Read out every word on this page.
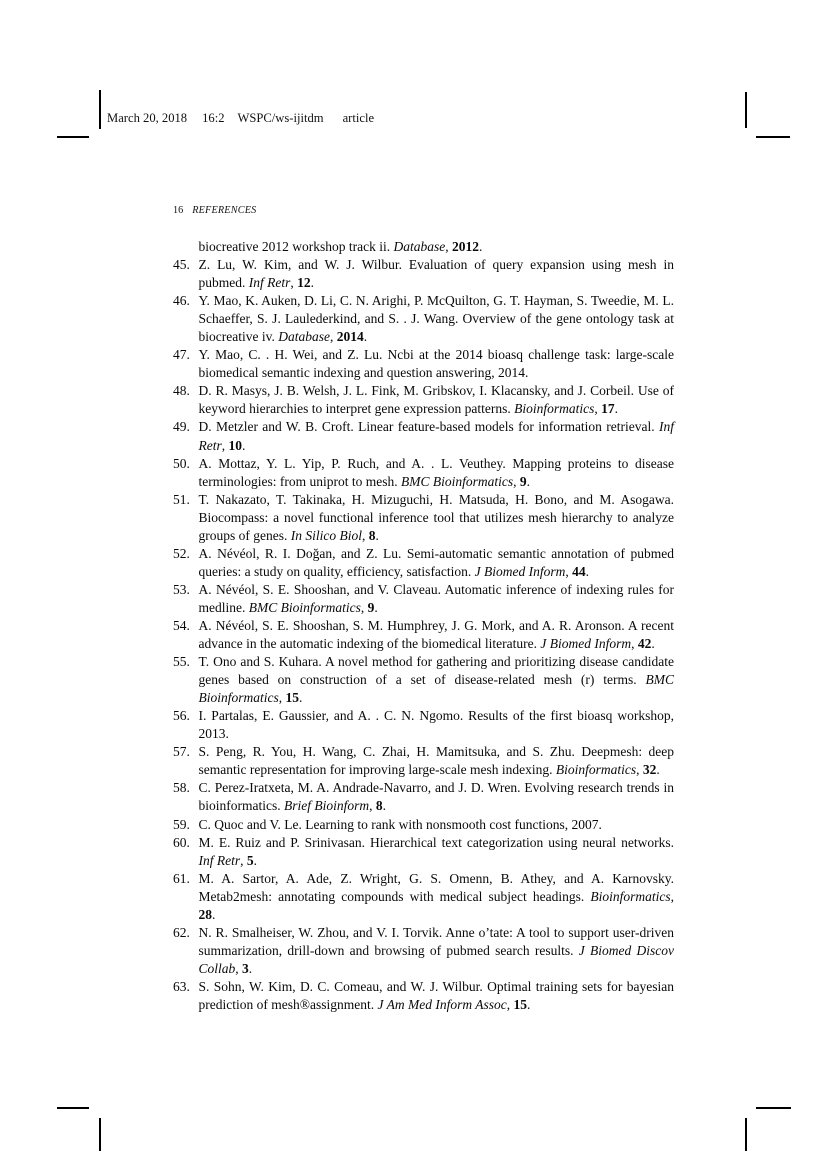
March 20, 2018 16:2 WSPC/ws-ijitdm article
16 REFERENCES
biocreative 2012 workshop track ii. Database, 2012.
45. Z. Lu, W. Kim, and W. J. Wilbur. Evaluation of query expansion using mesh in pubmed. Inf Retr, 12.
46. Y. Mao, K. Auken, D. Li, C. N. Arighi, P. McQuilton, G. T. Hayman, S. Tweedie, M. L. Schaeffer, S. J. Laulederkind, and S. . J. Wang. Overview of the gene ontology task at biocreative iv. Database, 2014.
47. Y. Mao, C. . H. Wei, and Z. Lu. Ncbi at the 2014 bioasq challenge task: large-scale biomedical semantic indexing and question answering, 2014.
48. D. R. Masys, J. B. Welsh, J. L. Fink, M. Gribskov, I. Klacansky, and J. Corbeil. Use of keyword hierarchies to interpret gene expression patterns. Bioinformatics, 17.
49. D. Metzler and W. B. Croft. Linear feature-based models for information retrieval. Inf Retr, 10.
50. A. Mottaz, Y. L. Yip, P. Ruch, and A. . L. Veuthey. Mapping proteins to disease terminologies: from uniprot to mesh. BMC Bioinformatics, 9.
51. T. Nakazato, T. Takinaka, H. Mizuguchi, H. Matsuda, H. Bono, and M. Asogawa. Biocompass: a novel functional inference tool that utilizes mesh hierarchy to analyze groups of genes. In Silico Biol, 8.
52. A. Névéol, R. I. Doğan, and Z. Lu. Semi-automatic semantic annotation of pubmed queries: a study on quality, efficiency, satisfaction. J Biomed Inform, 44.
53. A. Névéol, S. E. Shooshan, and V. Claveau. Automatic inference of indexing rules for medline. BMC Bioinformatics, 9.
54. A. Névéol, S. E. Shooshan, S. M. Humphrey, J. G. Mork, and A. R. Aronson. A recent advance in the automatic indexing of the biomedical literature. J Biomed Inform, 42.
55. T. Ono and S. Kuhara. A novel method for gathering and prioritizing disease candidate genes based on construction of a set of disease-related mesh (r) terms. BMC Bioinformatics, 15.
56. I. Partalas, E. Gaussier, and A. . C. N. Ngomo. Results of the first bioasq workshop, 2013.
57. S. Peng, R. You, H. Wang, C. Zhai, H. Mamitsuka, and S. Zhu. Deepmesh: deep semantic representation for improving large-scale mesh indexing. Bioinformatics, 32.
58. C. Perez-Iratxeta, M. A. Andrade-Navarro, and J. D. Wren. Evolving research trends in bioinformatics. Brief Bioinform, 8.
59. C. Quoc and V. Le. Learning to rank with nonsmooth cost functions, 2007.
60. M. E. Ruiz and P. Srinivasan. Hierarchical text categorization using neural networks. Inf Retr, 5.
61. M. A. Sartor, A. Ade, Z. Wright, G. S. Omenn, B. Athey, and A. Karnovsky. Metab2mesh: annotating compounds with medical subject headings. Bioinformatics, 28.
62. N. R. Smalheiser, W. Zhou, and V. I. Torvik. Anne o’tate: A tool to support user-driven summarization, drill-down and browsing of pubmed search results. J Biomed Discov Collab, 3.
63. S. Sohn, W. Kim, D. C. Comeau, and W. J. Wilbur. Optimal training sets for bayesian prediction of mesh®assignment. J Am Med Inform Assoc, 15.
